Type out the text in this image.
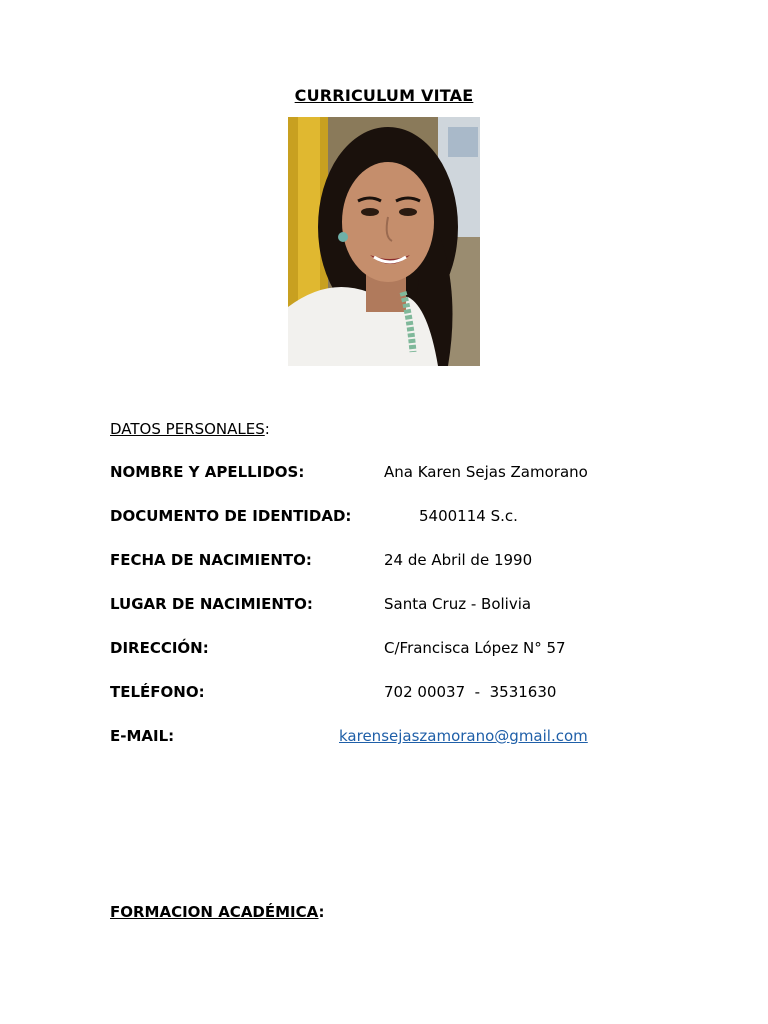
CURRICULUM VITAE
DATOS PERSONALES:
NOMBRE Y APELLIDOS:	Ana Karen Sejas Zamorano
DOCUMENTO DE IDENTIDAD:	5400114 S.c.
FECHA DE NACIMIENTO:	24 de Abril de 1990
LUGAR DE NACIMIENTO:	Santa Cruz - Bolivia
DIRECCIÓN:	C/Francisca López N° 57
TELÉFONO:	702 00037  -  3531630
E-MAIL:	karensejaszamorano@gmail.com
FORMACION ACADÉMICA:
